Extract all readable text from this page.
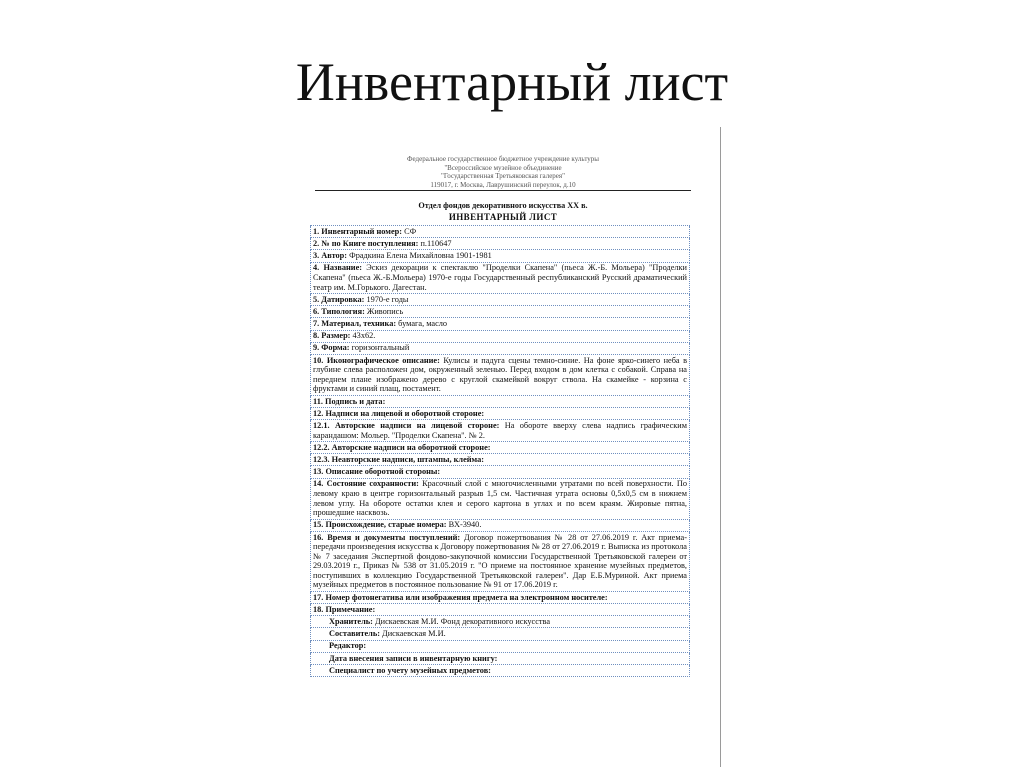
Инвентарный лист
Федеральное государственное бюджетное учреждение культуры
"Всероссийское музейное объединение
"Государственная Третьяковская галерея"
119017, г. Москва, Лаврушинский переулок, д.10
Отдел фондов декоративного искусства ХХ в.
ИНВЕНТАРНЫЙ ЛИСТ
1. Инвентарный номер: СФ
2. № по Книге поступления: п.110647
3. Автор: Фрадкина Елена Михайловна 1901-1981
4. Название: Эскиз декорации к спектаклю "Проделки Скапена" (пьеса Ж.-Б. Мольера) "Проделки Скапена" (пьеса Ж.-Б.Мольера) 1970-е годы Государственный республиканский Русский драматический театр им. М.Горького. Дагестан.
5. Датировка: 1970-е годы
6. Типология: Живопись
7. Материал, техника: бумага, масло
8. Размер: 43х62.
9. Форма: горизонтальный
10. Иконографическое описание: Кулисы и падуга сцены темно-синие. На фоне ярко-синего неба в глубине слева расположен дом, окруженный зеленью. Перед входом в дом клетка с собакой. Справа на переднем плане изображено дерево с круглой скамейкой вокруг ствола. На скамейке - корзина с фруктами и синий плащ, постамент.
11. Подпись и дата:
12. Надписи на лицевой и оборотной стороне:
12.1. Авторские надписи на лицевой стороне: На обороте вверху слева надпись графическим карандашом: Мольер. "Проделки Скапена". № 2.
12.2. Авторские надписи на оборотной стороне:
12.3. Неавторские надписи, штампы, клейма:
13. Описание оборотной стороны:
14. Состояние сохранности: Красочный слой с многочисленными утратами по всей поверхности. По левому краю в центре горизонтальный разрыв 1,5 см. Частичная утрата основы 0,5х0,5 см в нижнем левом углу. На обороте остатки клея и серого картона в углах и по всем краям. Жировые пятна, прошедшие насквозь.
15. Происхождение, старые номера: ВХ-3940.
16. Время и документы поступлений: Договор пожертвования № 28 от 27.06.2019 г. Акт приема-передачи произведения искусства к Договору пожертвования № 28 от 27.06.2019 г. Выписка из протокола № 7 заседания Экспертной фондово-закупочной комиссии Государственной Третьяковской галереи от 29.03.2019 г., Приказ № 538 от 31.05.2019 г. "О приеме на постоянное хранение музейных предметов, поступивших в коллекцию Государственной Третьяковской галереи". Дар Е.Б.Муриной. Акт приема музейных предметов в постоянное пользование № 91 от 17.06.2019 г.
17. Номер фотонегатива или изображения предмета на электронном носителе:
18. Примечание:
Хранитель: Дискаевская М.И. Фонд декоративного искусства
Составитель: Дискаевская М.И.
Редактор:
Дата внесения записи в инвентарную книгу:
Специалист по учету музейных предметов:
